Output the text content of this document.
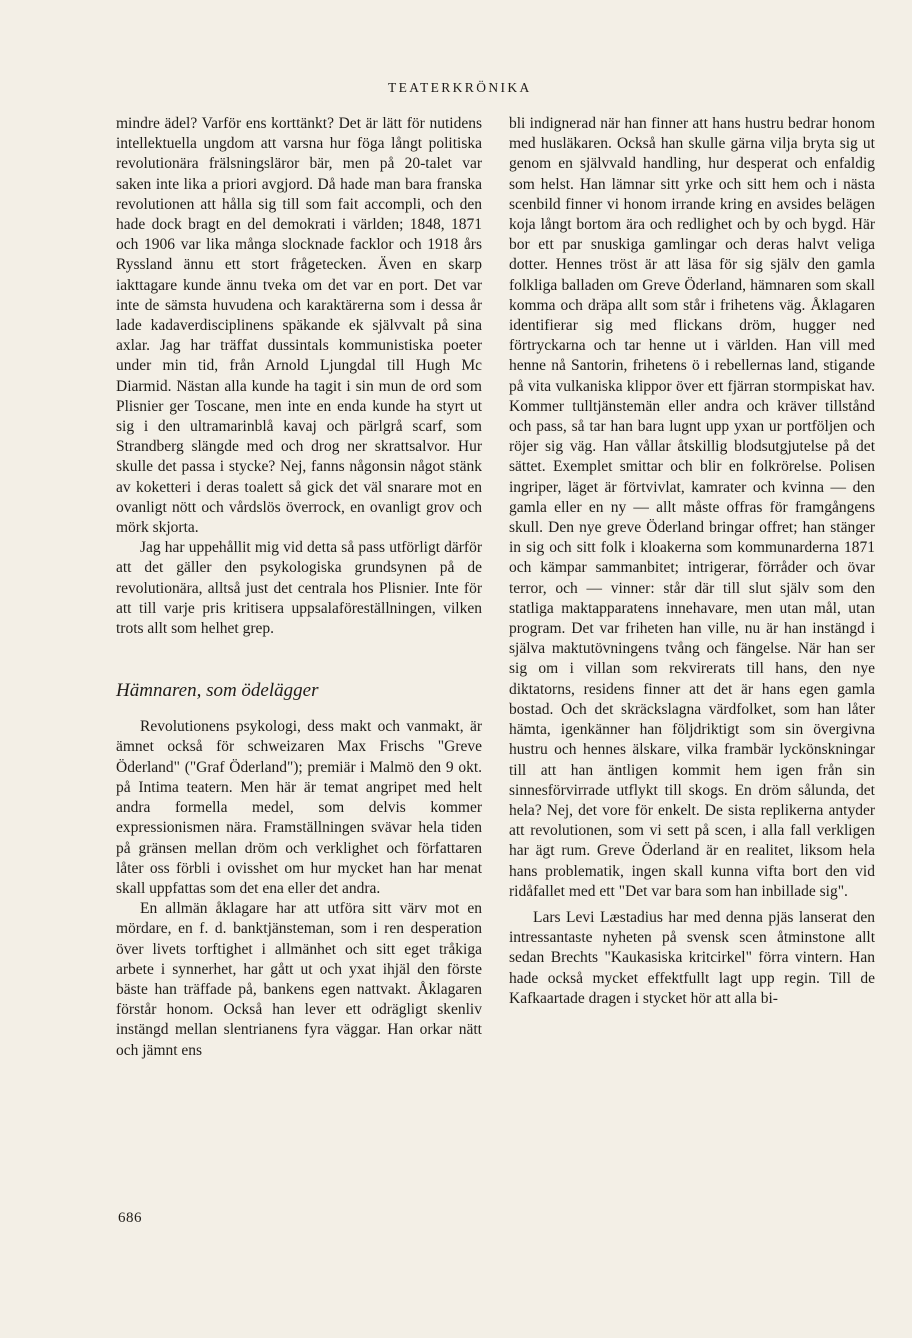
TEATERKRÖNIKA

mindre ädel? Varför ens korttänkt? Det är lätt för nutidens intellektuella ungdom att varsna hur föga långt politiska revolutionära frälsningsläror bär, men på 20-talet var saken inte lika a priori avgjord. Då hade man bara franska revolutionen att hålla sig till som fait accompli, och den hade dock bragt en del demokrati i världen; 1848, 1871 och 1906 var lika många slocknade facklor och 1918 års Ryssland ännu ett stort frågetecken. Även en skarp iakttagare kunde ännu tveka om det var en port. Det var inte de sämsta huvudena och karaktärerna som i dessa år lade kadaverdisciplinens späkande ek självvalt på sina axlar. Jag har träffat dussintals kommunistiska poeter under min tid, från Arnold Ljungdal till Hugh Mc Diarmid. Nästan alla kunde ha tagit i sin mun de ord som Plisnier ger Toscane, men inte en enda kunde ha styrt ut sig i den ultramarinblå kavaj och pärlgrå scarf, som Strandberg slängde med och drog ner skrattsalvor. Hur skulle det passa i stycke? Nej, fanns någonsin något stänk av koketteri i deras toalett så gick det väl snarare mot en ovanligt nött och vårdslös överrock, en ovanligt grov och mörk skjorta.

Jag har uppehållit mig vid detta så pass utförligt därför att det gäller den psykologiska grundsynen på de revolutionära, alltså just det centrala hos Plisnier. Inte för att till varje pris kritisera uppsalaföreställningen, vilken trots allt som helhet grep.

Hämnaren, som ödelägger

Revolutionens psykologi, dess makt och vanmakt, är ämnet också för schweizaren Max Frischs "Greve Öderland" ("Graf Öderland"); premiär i Malmö den 9 okt. på Intima teatern. Men här är temat angripet med helt andra formella medel, som delvis kommer expressionismen nära. Framställningen svävar hela tiden på gränsen mellan dröm och verklighet och författaren låter oss förbli i ovisshet om hur mycket han har menat skall uppfattas som det ena eller det andra.

En allmän åklagare har att utföra sitt värv mot en mördare, en f. d. banktjänsteman, som i ren desperation över livets torftighet i allmänhet och sitt eget tråkiga arbete i synnerhet, har gått ut och yxat ihjäl den förste bäste han träffade på, bankens egen nattvakt. Åklagaren förstår honom. Också han lever ett odrägligt skenliv instängd mellan slentrianens fyra väggar. Han orkar nätt och jämnt ens

bli indignerad när han finner att hans hustru bedrar honom med husläkaren. Också han skulle gärna vilja bryta sig ut genom en självvald handling, hur desperat och enfaldig som helst. Han lämnar sitt yrke och sitt hem och i nästa scenbild finner vi honom irrande kring en avsides belägen koja långt bortom ära och redlighet och by och bygd. Här bor ett par snuskiga gamlingar och deras halvt veliga dotter. Hennes tröst är att läsa för sig själv den gamla folkliga balladen om Greve Öderland, hämnaren som skall komma och dräpa allt som står i frihetens väg. Åklagaren identifierar sig med flickans dröm, hugger ned förtryckarna och tar henne ut i världen. Han vill med henne nå Santorin, frihetens ö i rebellernas land, stigande på vita vulkaniska klippor över ett fjärran stormpiskat hav. Kommer tulltjänstemän eller andra och kräver tillstånd och pass, så tar han bara lugnt upp yxan ur portföljen och röjer sig väg. Han vållar åtskillig blodsutgjutelse på det sättet. Exemplet smittar och blir en folkrörelse. Polisen ingriper, läget är förtvivlat, kamrater och kvinna — den gamla eller en ny — allt måste offras för framgångens skull. Den nye greve Öderland bringar offret; han stänger in sig och sitt folk i kloakerna som kommunarderna 1871 och kämpar sammanbitet; intrigerar, förråder och övar terror, och — vinner: står där till slut själv som den statliga maktapparatens innehavare, men utan mål, utan program. Det var friheten han ville, nu är han instängd i själva maktutövningens tvång och fängelse. När han ser sig om i villan som rekvirerats till hans, den nye diktatorns, residens finner att det är hans egen gamla bostad. Och det skräckslagna värdfolket, som han låter hämta, igenkänner han följdriktigt som sin övergivna hustru och hennes älskare, vilka frambär lyckönskningar till att han äntligen kommit hem igen från sin sinnesförvirrade utflykt till skogs. En dröm sålunda, det hela? Nej, det vore för enkelt. De sista replikerna antyder att revolutionen, som vi sett på scen, i alla fall verkligen har ägt rum. Greve Öderland är en realitet, liksom hela hans problematik, ingen skall kunna vifta bort den vid ridåfallet med ett "Det var bara som han inbillade sig".

Lars Levi Læstadius har med denna pjäs lanserat den intressantaste nyheten på svensk scen åtminstone allt sedan Brechts "Kaukasiska kritcirkel" förra vintern. Han hade också mycket effektfullt lagt upp regin. Till de Kafkaartade dragen i stycket hör att alla bi-

686
